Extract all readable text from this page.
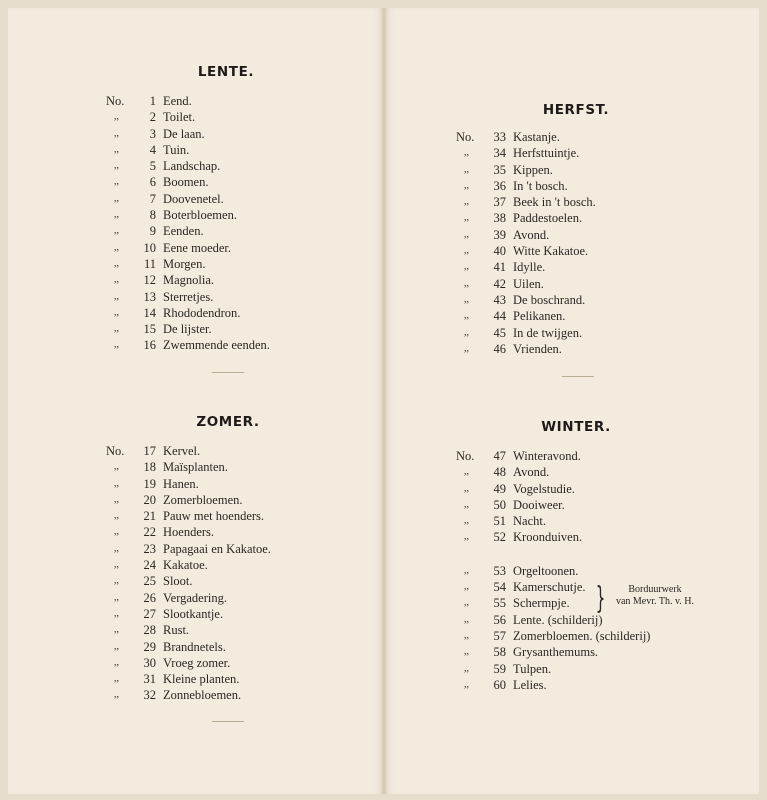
LENTE.
No.	1 Eend.
,,	2 Toilet.
,,	3 De laan.
,,	4 Tuin.
,,	5 Landschap.
,,	6 Boomen.
,,	7 Doovenetel.
,,	8 Boterbloemen.
,,	9 Eenden.
,,	10 Eene moeder.
,,	11 Morgen.
,,	12 Magnolia.
,,	13 Sterretjes.
,,	14 Rhododendron.
,,	15 De lijster.
,,	16 Zwemmende eenden.
ZOMER.
No.	17 Kervel.
,,	18 Maïsplanten.
,,	19 Hanen.
,,	20 Zomerbloemen.
,,	21 Pauw met hoenders.
,,	22 Hoenders.
,,	23 Papagaai en Kakatoe.
,,	24 Kakatoe.
,,	25 Sloot.
,,	26 Vergadering.
,,	27 Slootkantje.
,,	28 Rust.
,,	29 Brandnetels.
,,	30 Vroeg zomer.
,,	31 Kleine planten.
,,	32 Zonnebloemen.
HERFST.
No.	33 Kastanje.
,,	34 Herfsttuintje.
,,	35 Kippen.
,,	36 In 't bosch.
,,	37 Beek in 't bosch.
,,	38 Paddestoelen.
,,	39 Avond.
,,	40 Witte Kakatoe.
,,	41 Idylle.
,,	42 Uilen.
,,	43 De boschrand.
,,	44 Pelikanen.
,,	45 In de twijgen.
,,	46 Vrienden.
WINTER.
No.	47 Winteravond.
,,	48 Avond.
,,	49 Vogelstudie.
,,	50 Dooiweer.
,,	51 Nacht.
,,	52 Kroonduiven.
,,	53 Orgeltoonen.
,,	54 Kamerschutje.
,,	55 Schermpje.
,,	56 Lente. (schilderij)
,,	57 Zomerbloemen. (schilderij)
,,	58 Grysanthemums.
,,	59 Tulpen.
,,	60 Lelies.
}	Borduurwerk
van Mevr. Th. v. H.
